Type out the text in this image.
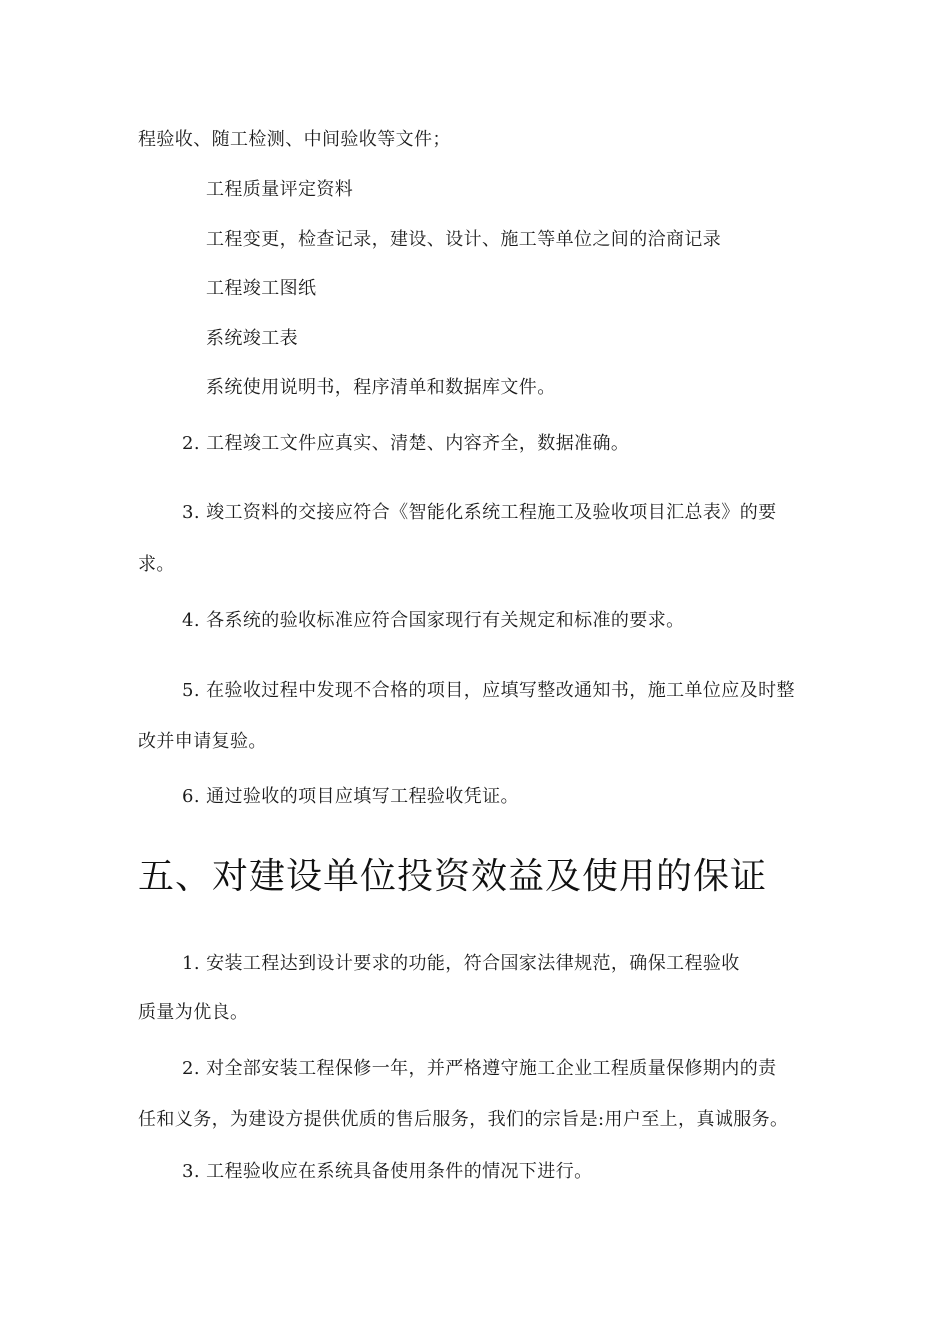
程验收、随工检测、中间验收等文件；
工程质量评定资料
工程变更，检查记录，建设、设计、施工等单位之间的洽商记录
工程竣工图纸
系统竣工表
系统使用说明书，程序清单和数据库文件。
2. 工程竣工文件应真实、清楚、内容齐全，数据准确。
3. 竣工资料的交接应符合《智能化系统工程施工及验收项目汇总表》的要
求。
4. 各系统的验收标准应符合国家现行有关规定和标准的要求。
5. 在验收过程中发现不合格的项目，应填写整改通知书，施工单位应及时整
改并申请复验。
6. 通过验收的项目应填写工程验收凭证。
五、对建设单位投资效益及使用的保证
1. 安装工程达到设计要求的功能，符合国家法律规范，确保工程验收
质量为优良。
2. 对全部安装工程保修一年，并严格遵守施工企业工程质量保修期内的责
任和义务，为建设方提供优质的售后服务，我们的宗旨是:用户至上，真诚服务。
3. 工程验收应在系统具备使用条件的情况下进行。
